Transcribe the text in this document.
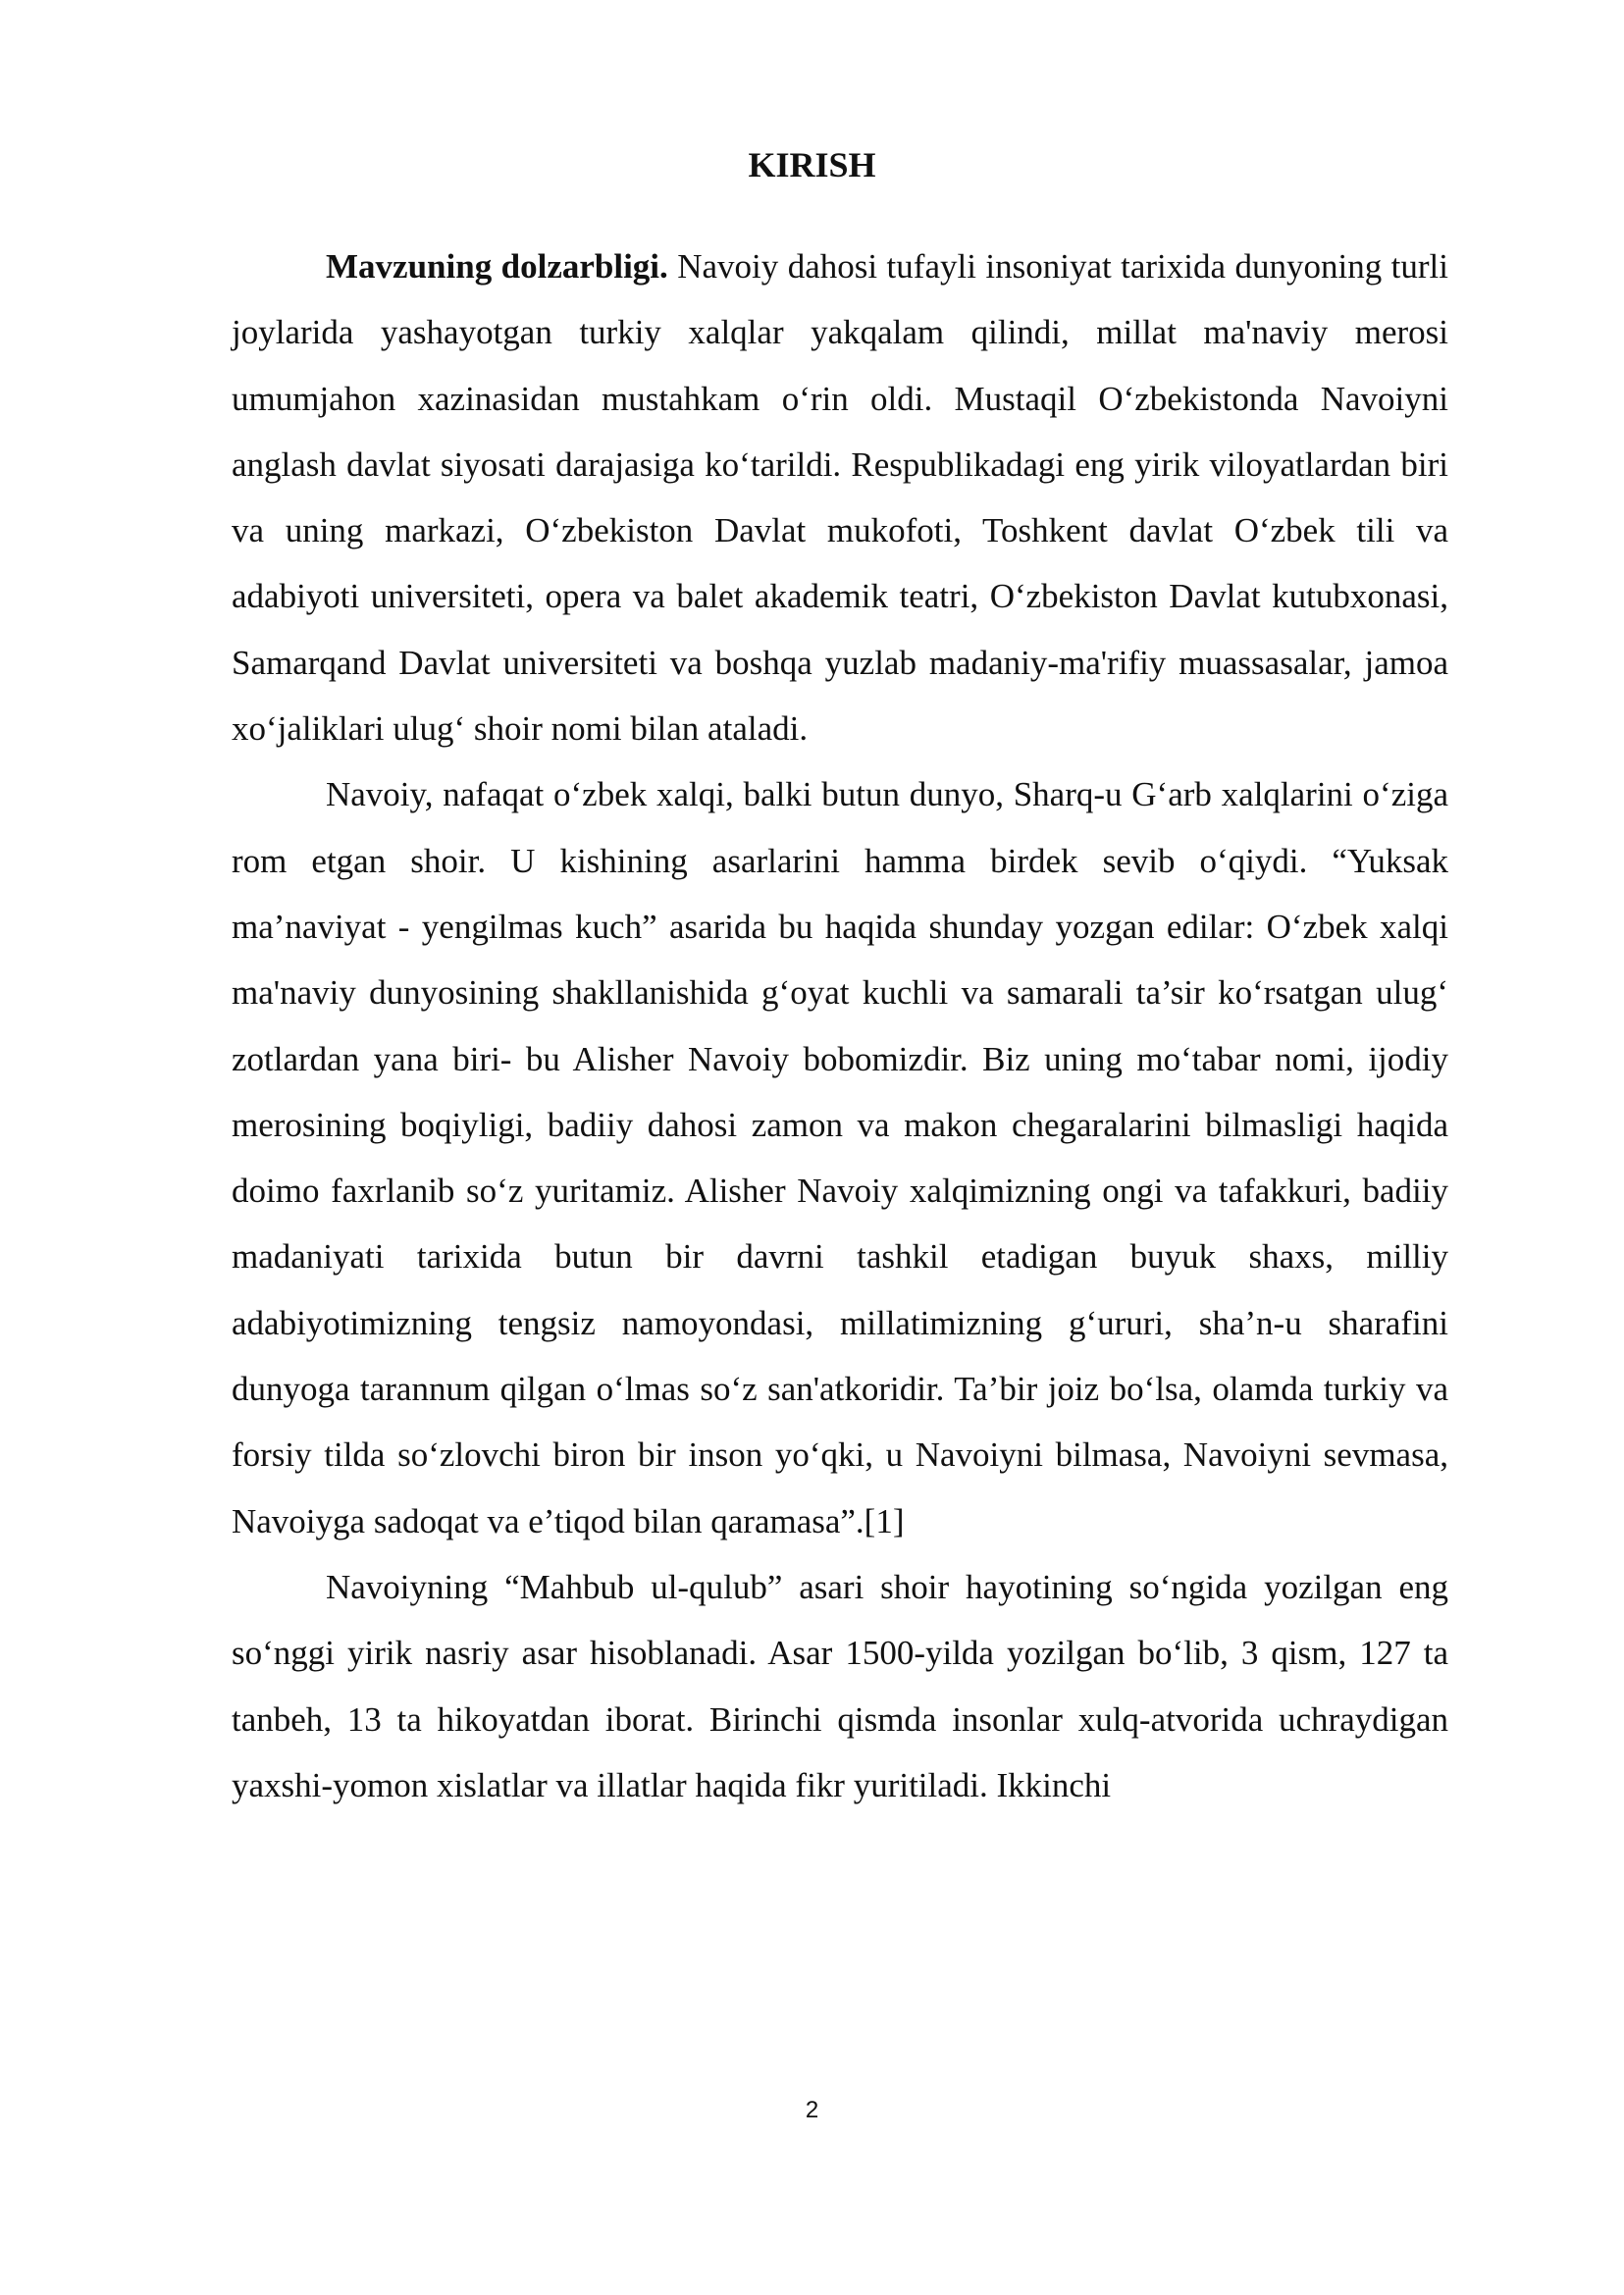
KIRISH

Mavzuning dolzarbligi. Navoiy dahosi tufayli insoniyat tarixida dunyoning turli joylarida yashayotgan turkiy xalqlar yakqalam qilindi, millat ma'naviy merosi umumjahon xazinasidan mustahkam o‘rin oldi. Mustaqil O‘zbekistonda Navoiyni anglash davlat siyosati darajasiga ko‘tarildi. Respublikadagi eng yirik viloyatlardan biri va uning markazi, O‘zbekiston Davlat mukofoti, Toshkent davlat O‘zbek tili va adabiyoti universiteti, opera va balet akademik teatri, O‘zbekiston Davlat kutubxonasi, Samarqand Davlat universiteti va boshqa yuzlab madaniy-ma'rifiy muassasalar, jamoa xo‘jaliklari ulug‘ shoir nomi bilan ataladi.

Navoiy, nafaqat o‘zbek xalqi, balki butun dunyo, Sharq-u G‘arb xalqlarini o‘ziga rom etgan shoir. U kishining asarlarini hamma birdek sevib o‘qiydi. “Yuksak ma’naviyat - yengilmas kuch” asarida bu haqida shunday yozgan edilar: O‘zbek xalqi ma'naviy dunyosining shakllanishida g‘oyat kuchli va samarali ta’sir ko‘rsatgan ulug‘ zotlardan yana biri- bu Alisher Navoiy bobomizdir. Biz uning mo‘tabar nomi, ijodiy merosining boqiyligi, badiiy dahosi zamon va makon chegaralarini bilmasligi haqida doimo faxrlanib so‘z yuritamiz. Alisher Navoiy xalqimizning ongi va tafakkuri, badiiy madaniyati tarixida butun bir davrni tashkil etadigan buyuk shaxs, milliy adabiyotimizning tengsiz namoyondasi, millatimizning g‘ururi, sha’n-u sharafini dunyoga tarannum qilgan o‘lmas so‘z san'atkoridir. Ta’bir joiz bo‘lsa, olamda turkiy va forsiy tilda so‘zlovchi biron bir inson yo‘qki, u Navoiyni bilmasa, Navoiyni sevmasa, Navoiyga sadoqat va e’tiqod bilan qaramasa”.[1]

Navoiyning “Mahbub ul-qulub” asari shoir hayotining so‘ngida yozilgan eng so‘nggi yirik nasriy asar hisoblanadi. Asar 1500-yilda yozilgan bo‘lib, 3 qism, 127 ta tanbeh, 13 ta hikoyatdan iborat. Birinchi qismda insonlar xulq-atvorida uchraydigan yaxshi-yomon xislatlar va illatlar haqida fikr yuritiladi. Ikkinchi

2
